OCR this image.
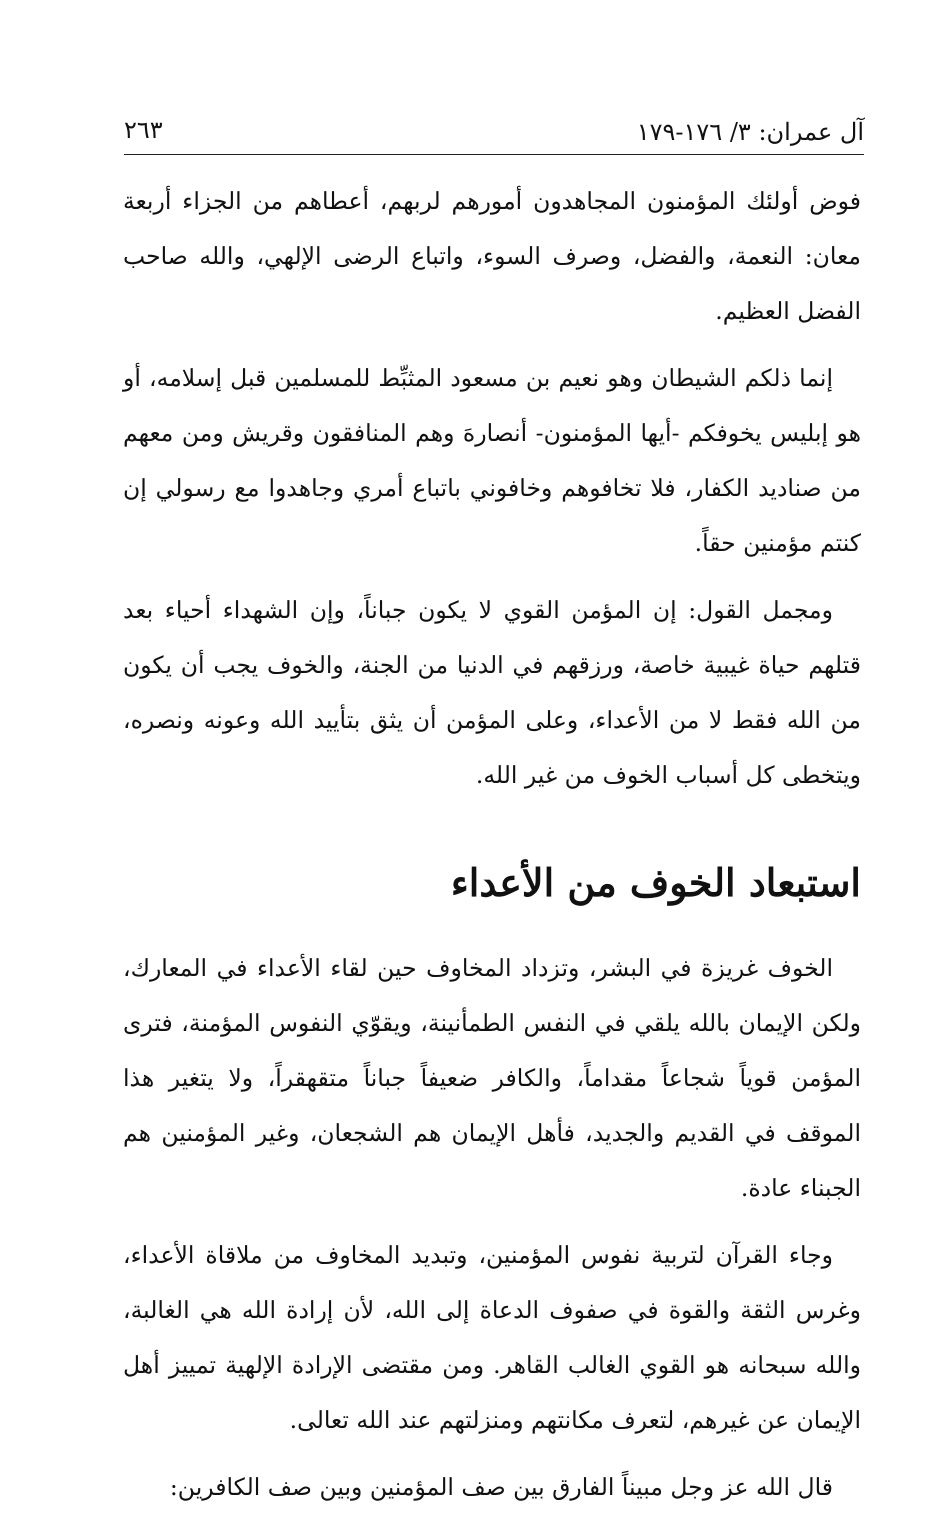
آل عمران: ٣/ ١٧٦-١٧٩
٢٦٣

فوض أولئك المؤمنون المجاهدون أمورهم لربهم، أعطاهم من الجزاء أربعة معان: النعمة، والفضل، وصرف السوء، واتباع الرضى الإلهي، والله صاحب الفضل العظيم.

إنما ذلكم الشيطان وهو نعيم بن مسعود المثبِّط للمسلمين قبل إسلامه، أو هو إبليس يخوفكم -أيها المؤمنون- أنصارهَ وهم المنافقون وقريش ومن معهم من صناديد الكفار، فلا تخافوهم وخافوني باتباع أمري وجاهدوا مع رسولي إن كنتم مؤمنين حقاً.

ومجمل القول: إن المؤمن القوي لا يكون جباناً، وإن الشهداء أحياء بعد قتلهم حياة غيبية خاصة، ورزقهم في الدنيا من الجنة، والخوف يجب أن يكون من الله فقط لا من الأعداء، وعلى المؤمن أن يثق بتأييد الله وعونه ونصره، ويتخطى كل أسباب الخوف من غير الله.

استبعاد الخوف من الأعداء

الخوف غريزة في البشر، وتزداد المخاوف حين لقاء الأعداء في المعارك، ولكن الإيمان بالله يلقي في النفس الطمأنينة، ويقوّي النفوس المؤمنة، فترى المؤمن قوياً شجاعاً مقداماً، والكافر ضعيفاً جباناً متقهقراً، ولا يتغير هذا الموقف في القديم والجديد، فأهل الإيمان هم الشجعان، وغير المؤمنين هم الجبناء عادة.

وجاء القرآن لتربية نفوس المؤمنين، وتبديد المخاوف من ملاقاة الأعداء، وغرس الثقة والقوة في صفوف الدعاة إلى الله، لأن إرادة الله هي الغالبة، والله سبحانه هو القوي الغالب القاهر. ومن مقتضى الإرادة الإلهية تمييز أهل الإيمان عن غيرهم، لتعرف مكانتهم ومنزلتهم عند الله تعالى.

قال الله عز وجل مبيناً الفارق بين صف المؤمنين وبين صف الكافرين:
